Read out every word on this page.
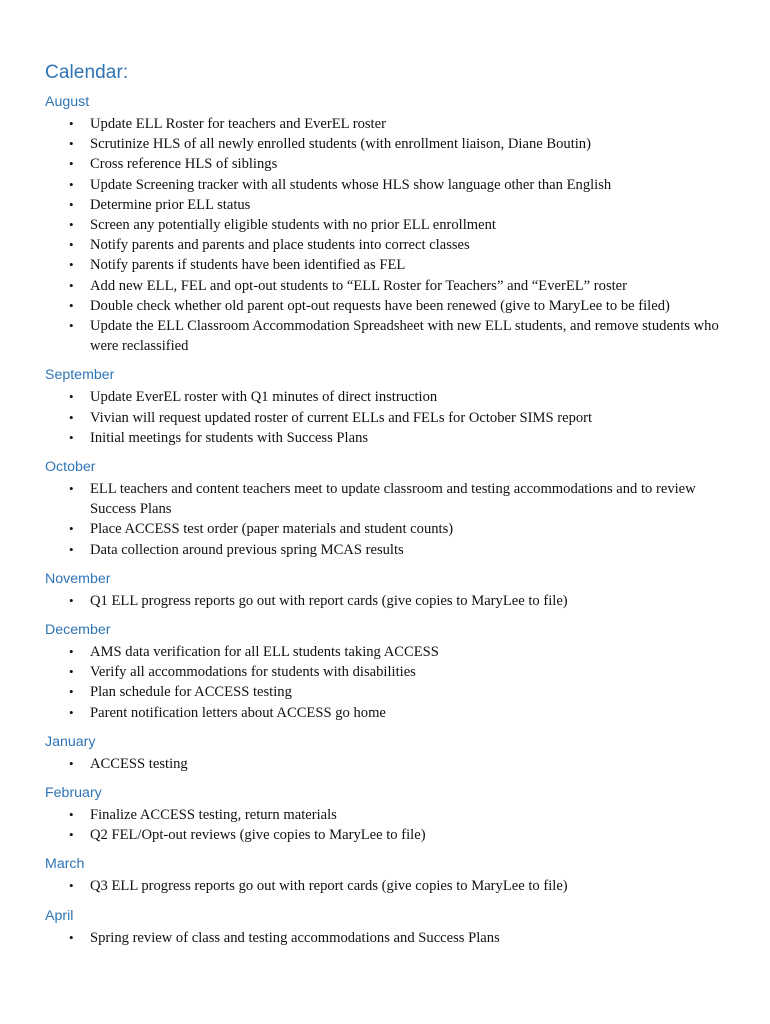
Calendar:
August
• Update ELL Roster for teachers and EverEL roster
• Scrutinize HLS of all newly enrolled students (with enrollment liaison, Diane Boutin)
• Cross reference HLS of siblings
• Update Screening tracker with all students whose HLS show language other than English
• Determine prior ELL status
• Screen any potentially eligible students with no prior ELL enrollment
• Notify parents and parents and place students into correct classes
• Notify parents if students have been identified as FEL
• Add new ELL, FEL and opt-out students to “ELL Roster for Teachers” and “EverEL” roster
• Double check whether old parent opt-out requests have been renewed (give to MaryLee to be filed)
• Update the ELL Classroom Accommodation Spreadsheet with new ELL students, and remove students who were reclassified
September
• Update EverEL roster with Q1 minutes of direct instruction
• Vivian will request updated roster of current ELLs and FELs for October SIMS report
• Initial meetings for students with Success Plans
October
• ELL teachers and content teachers meet to update classroom and testing accommodations and to review Success Plans
• Place ACCESS test order (paper materials and student counts)
• Data collection around previous spring MCAS results
November
• Q1 ELL progress reports go out with report cards (give copies to MaryLee to file)
December
• AMS data verification for all ELL students taking ACCESS
• Verify all accommodations for students with disabilities
• Plan schedule for ACCESS testing
• Parent notification letters about ACCESS go home
January
• ACCESS testing
February
• Finalize ACCESS testing, return materials
• Q2 FEL/Opt-out reviews (give copies to MaryLee to file)
March
• Q3 ELL progress reports go out with report cards (give copies to MaryLee to file)
April
• Spring review of class and testing accommodations and Success Plans
